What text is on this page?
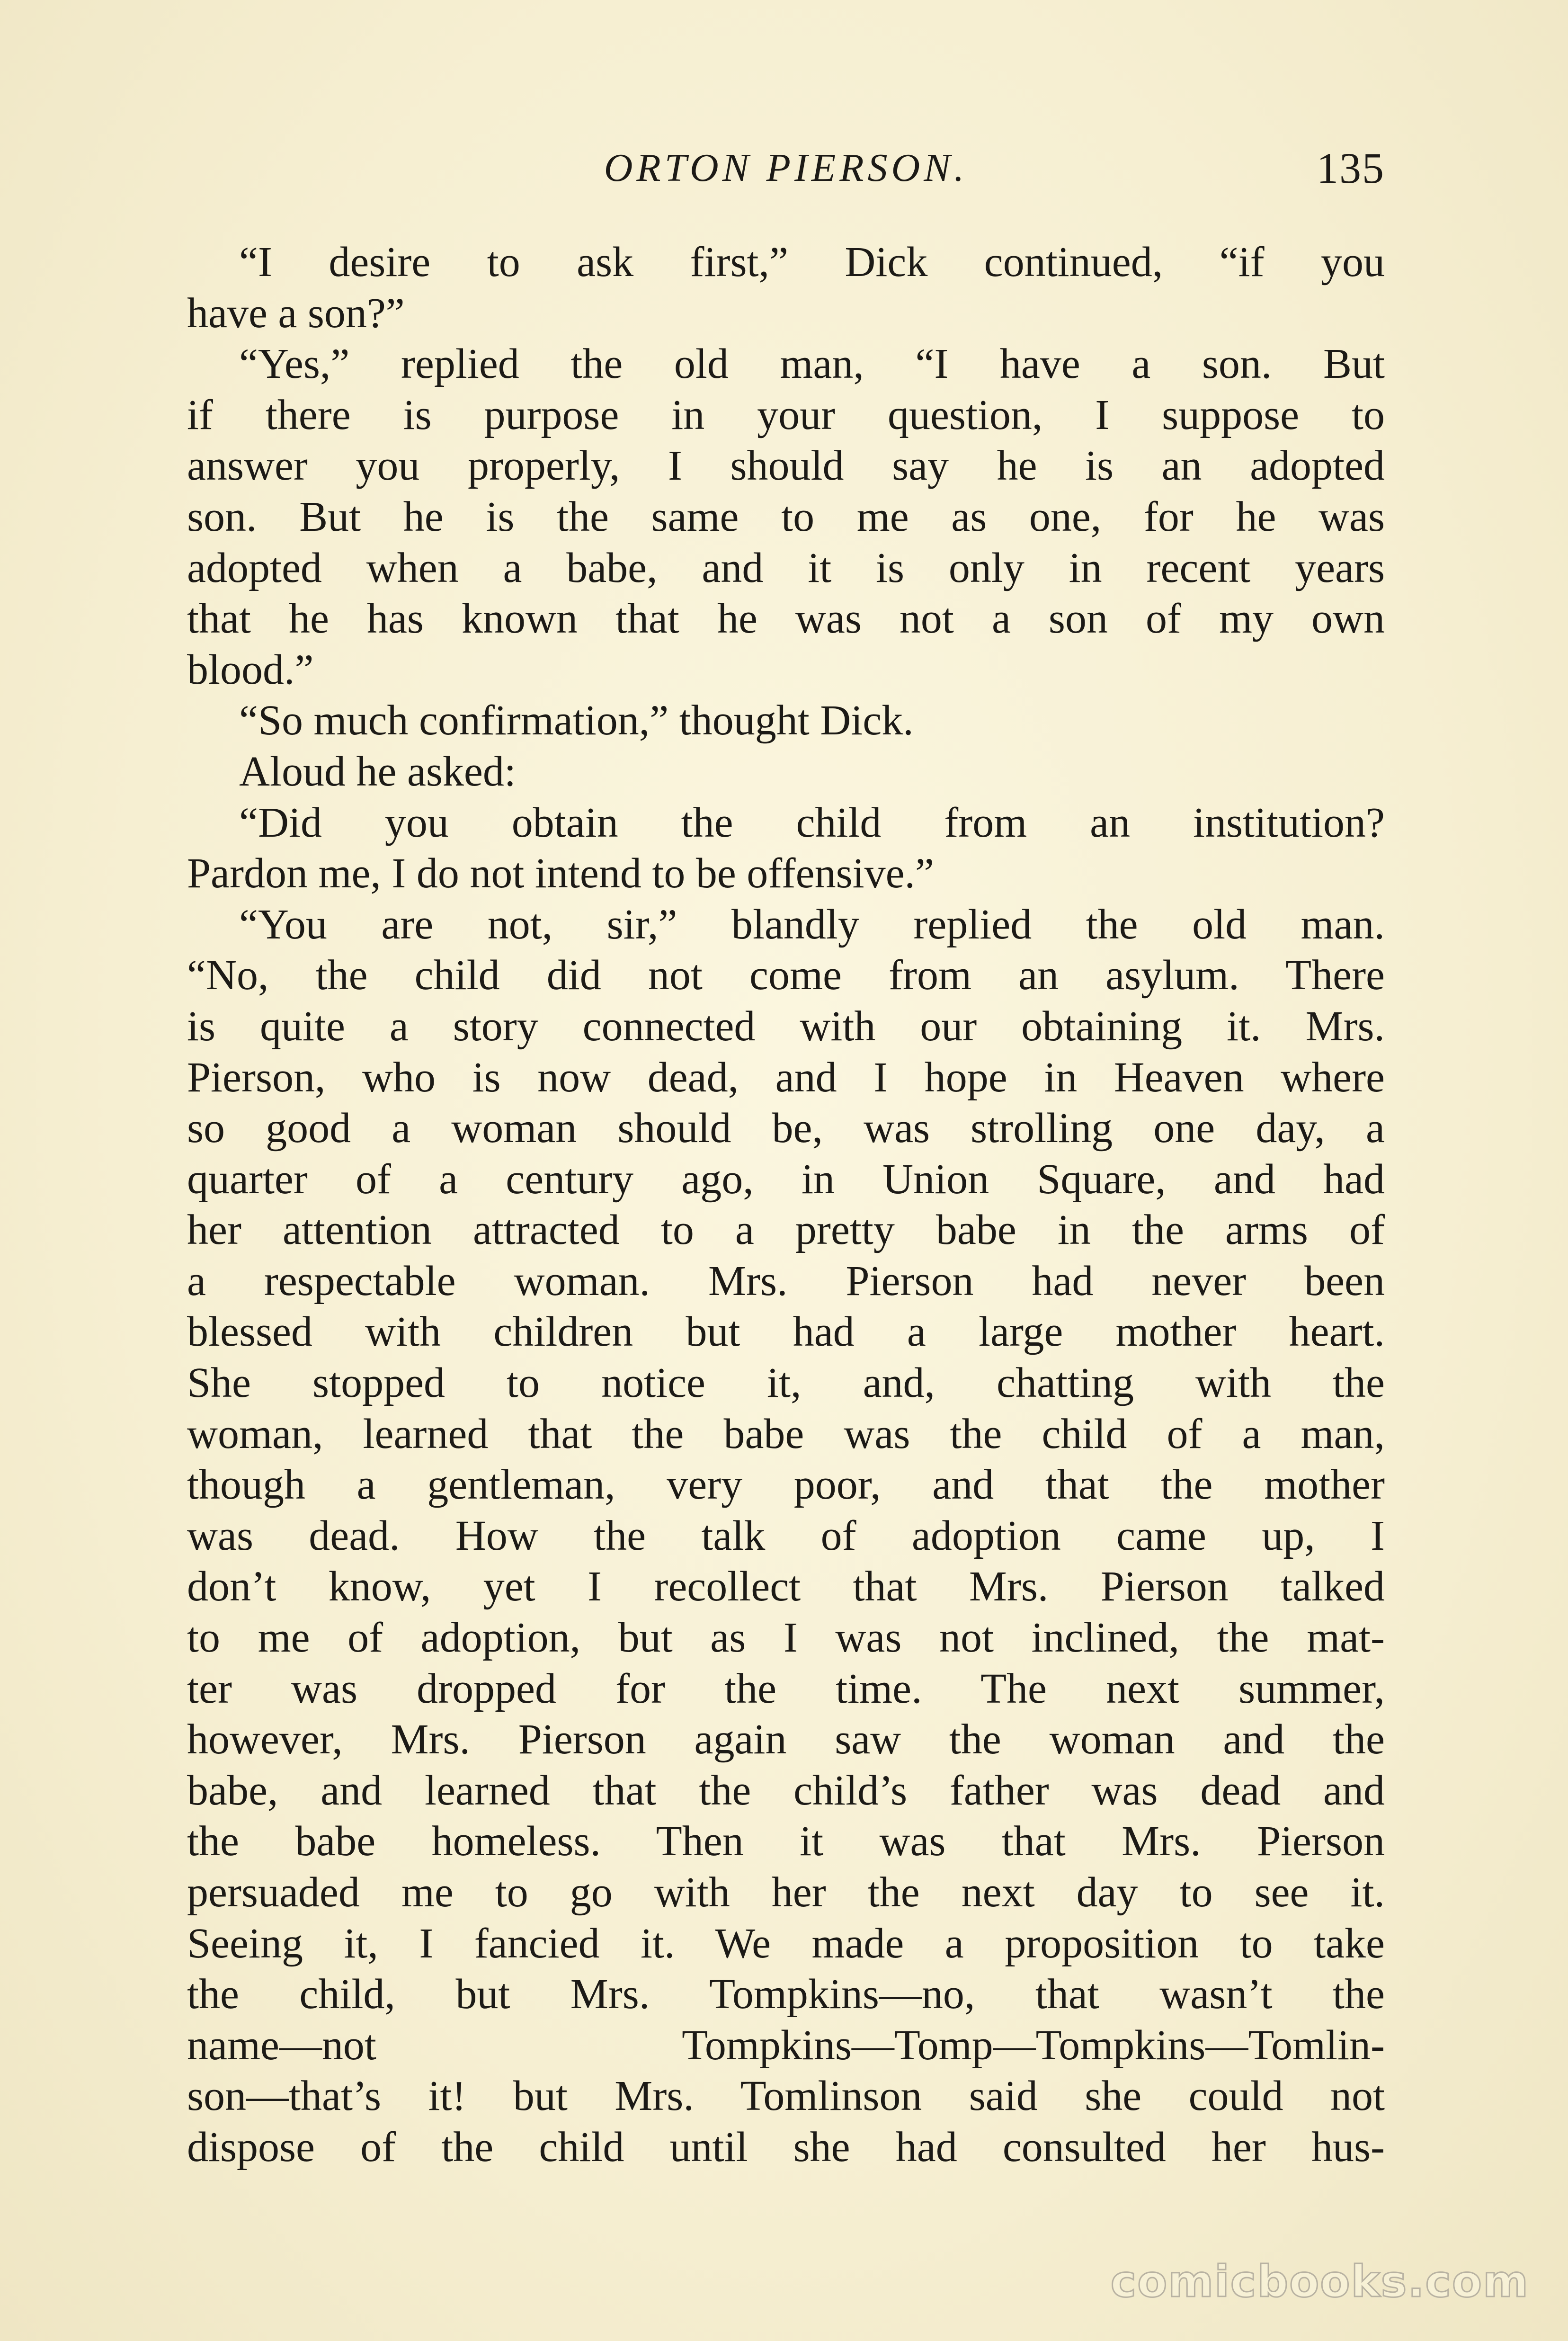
ORTON PIERSON.	135
“I desire to ask first,” Dick continued, “if you
have a son?”
“Yes,” replied the old man, “I have a son. But
if there is purpose in your question, I suppose to
answer you properly, I should say he is an adopted
son. But he is the same to me as one, for he was
adopted when a babe, and it is only in recent years
that he has known that he was not a son of my own
blood.”
“So much confirmation,” thought Dick.
Aloud he asked:
“Did you obtain the child from an institution?
Pardon me, I do not intend to be offensive.”
“You are not, sir,” blandly replied the old man.
“No, the child did not come from an asylum. There
is quite a story connected with our obtaining it. Mrs.
Pierson, who is now dead, and I hope in Heaven where
so good a woman should be, was strolling one day, a
quarter of a century ago, in Union Square, and had
her attention attracted to a pretty babe in the arms of
a respectable woman. Mrs. Pierson had never been
blessed with children but had a large mother heart.
She stopped to notice it, and, chatting with the
woman, learned that the babe was the child of a man,
though a gentleman, very poor, and that the mother
was dead. How the talk of adoption came up, I
don’t know, yet I recollect that Mrs. Pierson talked
to me of adoption, but as I was not inclined, the mat-
ter was dropped for the time. The next summer,
however, Mrs. Pierson again saw the woman and the
babe, and learned that the child’s father was dead and
the babe homeless. Then it was that Mrs. Pierson
persuaded me to go with her the next day to see it.
Seeing it, I fancied it. We made a proposition to take
the child, but Mrs. Tompkins—no, that wasn’t the
name—not Tompkins—Tomp—Tompkins—Tomlin-
son—that’s it! but Mrs. Tomlinson said she could not
dispose of the child until she had consulted her hus-
comicbooks.com
